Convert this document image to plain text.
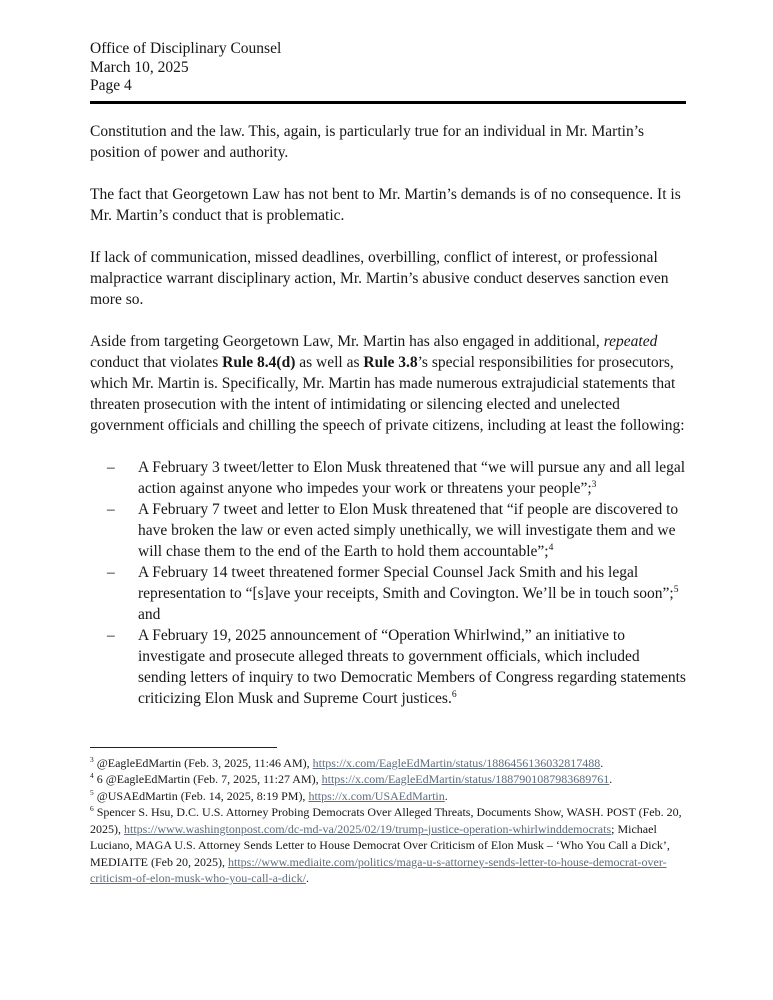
Office of Disciplinary Counsel
March 10, 2025
Page 4

Constitution and the law. This, again, is particularly true for an individual in Mr. Martin’s position of power and authority.

The fact that Georgetown Law has not bent to Mr. Martin’s demands is of no consequence. It is Mr. Martin’s conduct that is problematic.

If lack of communication, missed deadlines, overbilling, conflict of interest, or professional malpractice warrant disciplinary action, Mr. Martin’s abusive conduct deserves sanction even more so.

Aside from targeting Georgetown Law, Mr. Martin has also engaged in additional, repeated conduct that violates Rule 8.4(d) as well as Rule 3.8’s special responsibilities for prosecutors, which Mr. Martin is. Specifically, Mr. Martin has made numerous extrajudicial statements that threaten prosecution with the intent of intimidating or silencing elected and unelected government officials and chilling the speech of private citizens, including at least the following:

– A February 3 tweet/letter to Elon Musk threatened that “we will pursue any and all legal action against anyone who impedes your work or threatens your people”;$^3$
– A February 7 tweet and letter to Elon Musk threatened that “if people are discovered to have broken the law or even acted simply unethically, we will investigate them and we will chase them to the end of the Earth to hold them accountable”;$^4$
– A February 14 tweet threatened former Special Counsel Jack Smith and his legal representation to “[s]ave your receipts, Smith and Covington. We’ll be in touch soon”;$^5$ and
– A February 19, 2025 announcement of “Operation Whirlwind,” an initiative to investigate and prosecute alleged threats to government officials, which included sending letters of inquiry to two Democratic Members of Congress regarding statements criticizing Elon Musk and Supreme Court justices.$^6$
$^3$ @EagleEdMartin (Feb. 3, 2025, 11:46 AM), https://x.com/EagleEdMartin/status/1886456136032817488.
$^4$ 6 @EagleEdMartin (Feb. 7, 2025, 11:27 AM), https://x.com/EagleEdMartin/status/1887901087983689761.
$^5$ @USAEdMartin (Feb. 14, 2025, 8:19 PM), https://x.com/USAEdMartin.
$^6$ Spencer S. Hsu, D.C. U.S. Attorney Probing Democrats Over Alleged Threats, Documents Show, WASH. POST (Feb. 20, 2025), https://www.washingtonpost.com/dc-md-va/2025/02/19/trump-justice-operation-whirlwinddemocrats; Michael Luciano, MAGA U.S. Attorney Sends Letter to House Democrat Over Criticism of Elon Musk – ‘Who You Call a Dick’, MEDIAITE (Feb 20, 2025), https://www.mediaite.com/politics/maga-u-s-attorney-sends-letter-to-house-democrat-over-criticism-of-elon-musk-who-you-call-a-dick/.
